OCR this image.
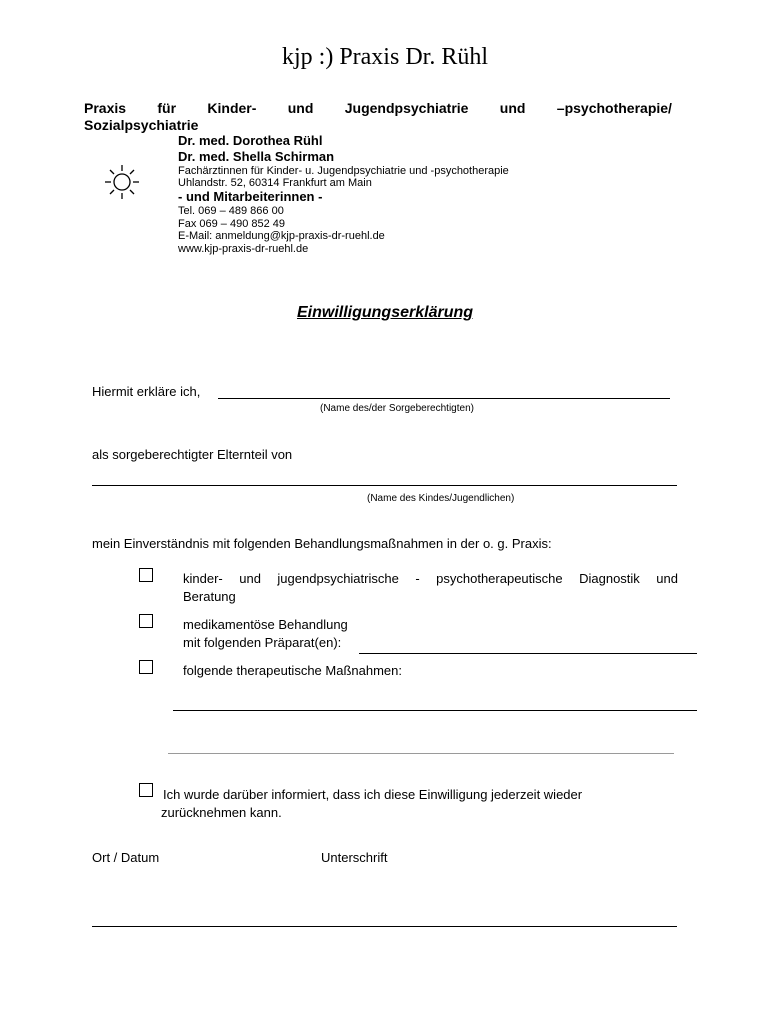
kjp :) Praxis Dr. Rühl
Praxis für Kinder- und Jugendpsychiatrie und –psychotherapie/
Sozialpsychiatrie
Dr. med. Dorothea Rühl
Dr. med. Shella Schirman
Fachärztinnen für Kinder- u. Jugendpsychiatrie und -psychotherapie
Uhlandstr. 52, 60314 Frankfurt am Main
- und Mitarbeiterinnen -
Tel. 069 – 489 866 00
Fax 069 – 490 852 49
E-Mail: anmeldung@kjp-praxis-dr-ruehl.de
www.kjp-praxis-dr-ruehl.de
Einwilligungserklärung
Hiermit erkläre ich,
(Name des/der Sorgeberechtigten)
als sorgeberechtigter Elternteil von
(Name des Kindes/Jugendlichen)
mein Einverständnis mit folgenden Behandlungsmaßnahmen in der o. g. Praxis:
kinder- und jugendpsychiatrische - psychotherapeutische Diagnostik und
Beratung
medikamentöse Behandlung
mit folgenden Präparat(en):
folgende therapeutische Maßnahmen:
Ich wurde darüber informiert, dass ich diese Einwilligung jederzeit wieder
zurücknehmen kann.
Ort / Datum	Unterschrift
